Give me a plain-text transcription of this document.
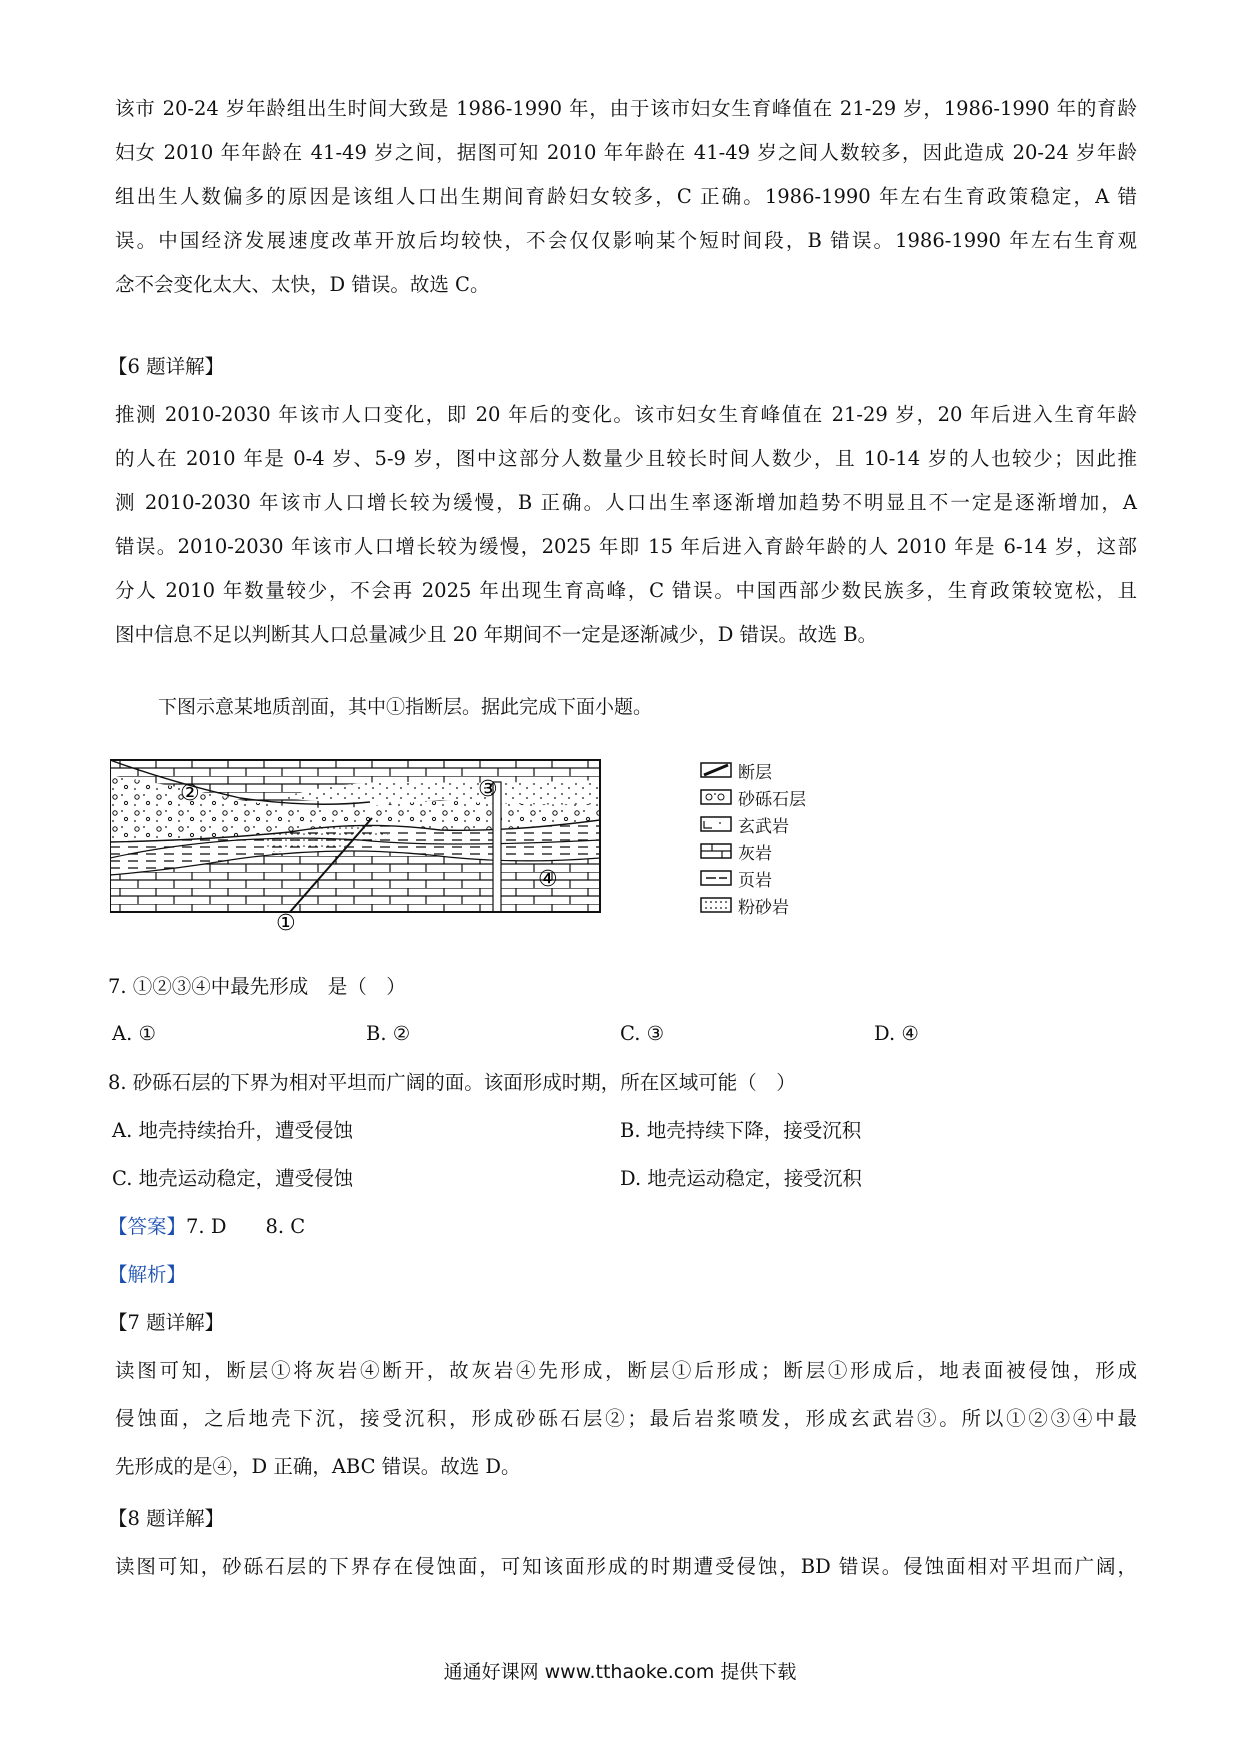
该市 20-24 岁年龄组出生时间大致是 1986-1990 年，由于该市妇女生育峰值在 21-29 岁，1986-1990 年的育龄

妇女 2010 年年龄在 41-49 岁之间，据图可知 2010 年年龄在 41-49 岁之间人数较多，因此造成 20-24 岁年龄

组出生人数偏多的原因是该组人口出生期间育龄妇女较多，C 正确。1986-1990 年左右生育政策稳定，A 错

误。中国经济发展速度改革开放后均较快，不会仅仅影响某个短时间段，B 错误。1986-1990 年左右生育观

念不会变化太大、太快，D 错误。故选 C。

【6 题详解】

推测 2010-2030 年该市人口变化，即 20 年后的变化。该市妇女生育峰值在 21-29 岁，20 年后进入生育年龄

的人在 2010 年是 0-4 岁、5-9 岁，图中这部分人数量少且较长时间人数少，且 10-14 岁的人也较少；因此推

测 2010-2030 年该市人口增长较为缓慢，B 正确。人口出生率逐渐增加趋势不明显且不一定是逐渐增加，A

错误。2010-2030 年该市人口增长较为缓慢，2025 年即 15 年后进入育龄年龄的人 2010 年是 6-14 岁，这部

分人 2010 年数量较少，不会再 2025 年出现生育高峰，C 错误。中国西部少数民族多，生育政策较宽松，且

图中信息不足以判断其人口总量减少且 20 年期间不一定是逐渐减少，D 错误。故选 B。

下图示意某地质剖面，其中①指断层。据此完成下面小题。

①
②	③
④
断层
砂砾石层
玄武岩
灰岩
页岩
粉砂岩

7. ①②③④中最先形成　是（　）

A. ①	B. ②	C. ③	D. ④

8. 砂砾石层的下界为相对平坦而广阔的面。该面形成时期，所在区域可能（　）

A. 地壳持续抬升，遭受侵蚀	B. 地壳持续下降，接受沉积
C. 地壳运动稳定，遭受侵蚀	D. 地壳运动稳定，接受沉积

【答案】7. D　　8. C

【解析】

【7 题详解】

读图可知，断层①将灰岩④断开，故灰岩④先形成，断层①后形成；断层①形成后，地表面被侵蚀，形成

侵蚀面，之后地壳下沉，接受沉积，形成砂砾石层②；最后岩浆喷发，形成玄武岩③。所以①②③④中最

先形成的是④，D 正确，ABC 错误。故选 D。

【8 题详解】

读图可知，砂砾石层的下界存在侵蚀面，可知该面形成的时期遭受侵蚀，BD 错误。侵蚀面相对平坦而广阔，

通通好课网 www.tthaoke.com 提供下载
